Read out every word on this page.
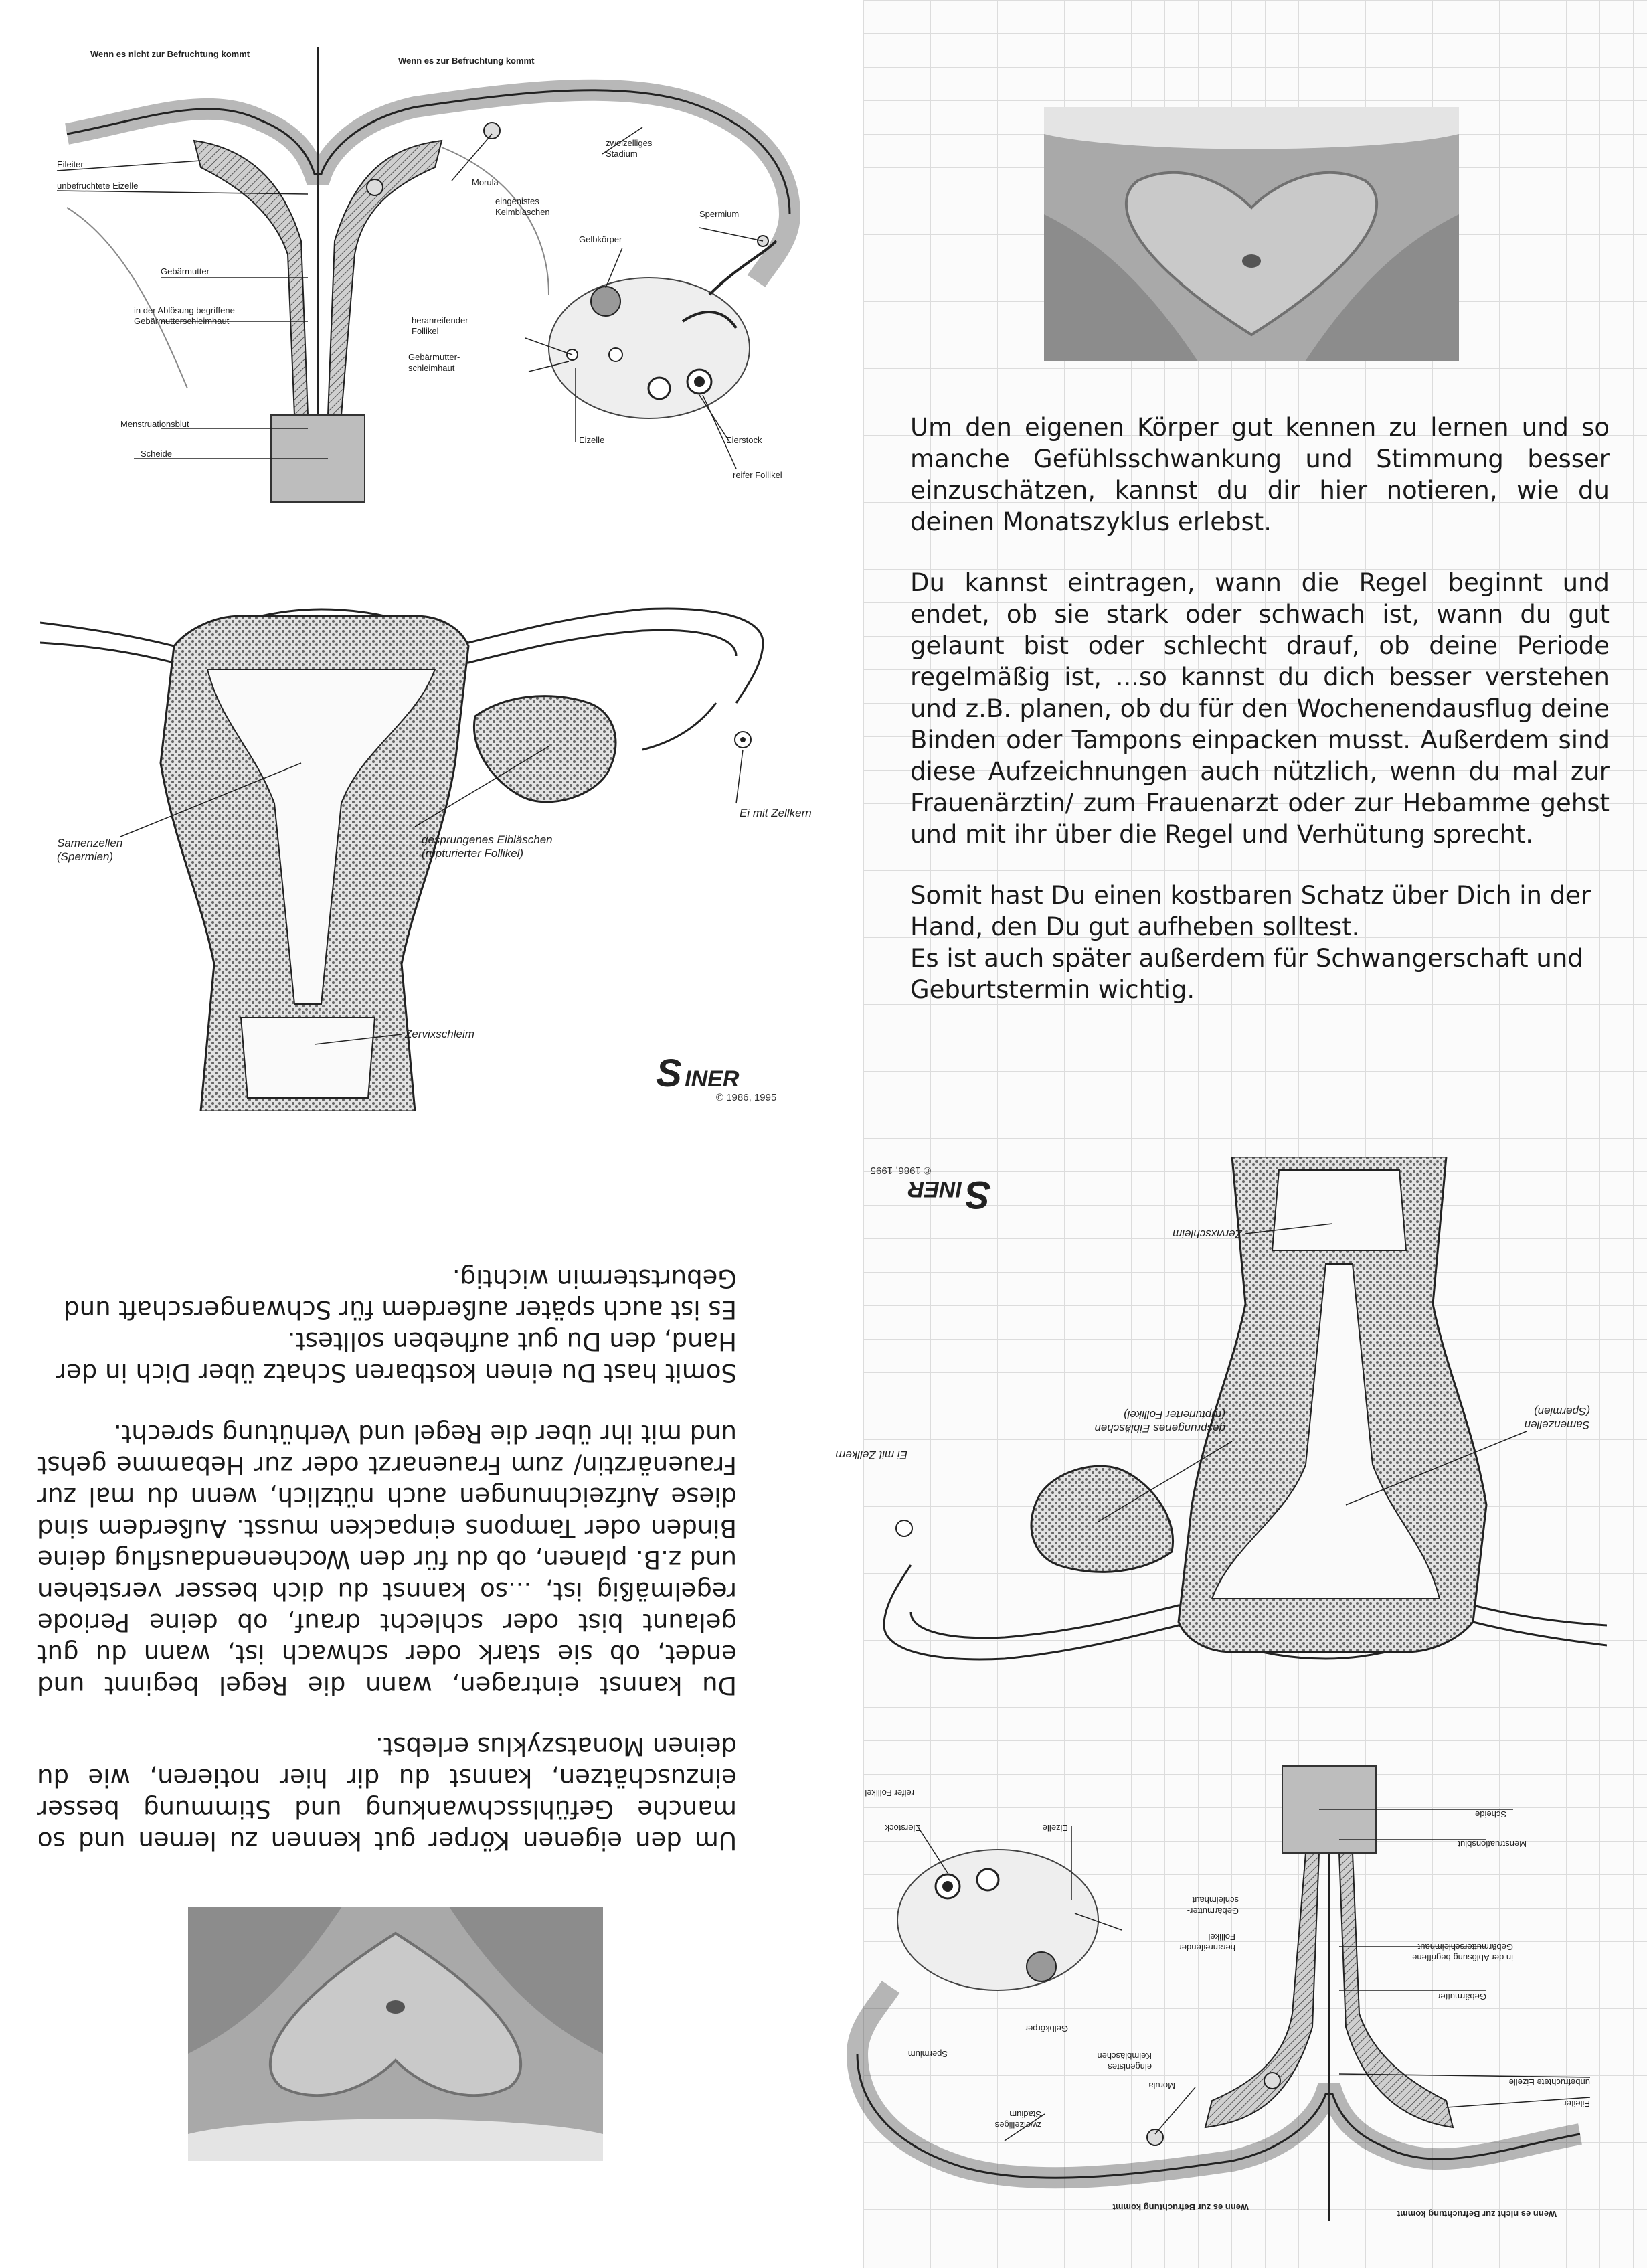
Wenn es nicht zur Befruchtung kommt
Wenn es zur Befruchtung kommt
Eileiter
unbefruchtete Eizelle
Gebärmutter
in der Ablösung begriffene
Gebärmutterschleimhaut
Menstruationsblut
Scheide
Morula
zweizelliges
Stadium
eingenistes
Keimbläschen	Spermium
Gelbkörper
heranreifender
Follikel
Gebärmutter-
schleimhaut
Eizelle	Eierstock
reifer Follikel
Samenzellen
(Spermien)
gesprungenes Eibläschen
(rupturierter Follikel)
Ei mit Zellkern
Zervixschleim
S INER
© 1986, 1995

Um den eigenen Körper gut kennen zu lernen und so manche Gefühlsschwankung und Stimmung besser einzuschätzen, kannst du dir hier notieren, wie du deinen Monatszyklus erlebst.

Du kannst eintragen, wann die Regel beginnt und endet, ob sie stark oder schwach ist, wann du gut gelaunt bist oder schlecht drauf, ob deine Periode regelmäßig ist, ...so kannst du dich besser verstehen und z.B. planen, ob du für den Wochenendausflug deine Binden oder Tampons einpacken musst. Außerdem sind diese Aufzeichnungen auch nützlich, wenn du mal zur Frauenärztin/ zum Frauenarzt oder zur Hebamme gehst und mit ihr über die Regel und Verhütung sprecht.

Somit hast Du einen kostbaren Schatz über Dich in der Hand, den Du gut aufheben solltest.

Es ist auch später außerdem für Schwangerschaft und Geburtstermin wichtig.

Wenn es nicht zur Befruchtung kommt
Wenn es zur Befruchtung kommt
Eileiter
unbefruchtete Eizelle
Gebärmutter
in der Ablösung begriffene
Gebärmutterschleimhaut
Menstruationsblut
Scheide
Morula
zweizelliges
Stadium
eingenistes
Keimbläschen
Spermium
Gelbkörper
heranreifender
Follikel
Gebärmutter-
schleimhaut
Eizelle
Eierstock
reifer Follikel
Samenzellen
(Spermien)
gesprungenes Eibläschen
(rupturierter Follikel)
Ei mit Zellkern
Zervixschleim
S INER
© 1986, 1995

Um den eigenen Körper gut kennen zu lernen und so manche Gefühlsschwankung und Stimmung besser einzuschätzen, kannst du dir hier notieren, wie du deinen Monatszyklus erlebst.

Du kannst eintragen, wann die Regel beginnt und endet, ob sie stark oder schwach ist, wann du gut gelaunt bist oder schlecht drauf, ob deine Periode regelmäßig ist, ...so kannst du dich besser verstehen und z.B. planen, ob du für den Wochenendausflug deine Binden oder Tampons einpacken musst. Außerdem sind diese Aufzeichnungen auch nützlich, wenn du mal zur Frauenärztin/ zum Frauenarzt oder zur Hebamme gehst und mit ihr über die Regel und Verhütung sprecht.

Somit hast Du einen kostbaren Schatz über Dich in der Hand, den Du gut aufheben solltest.

Es ist auch später außerdem für Schwangerschaft und Geburtstermin wichtig.
